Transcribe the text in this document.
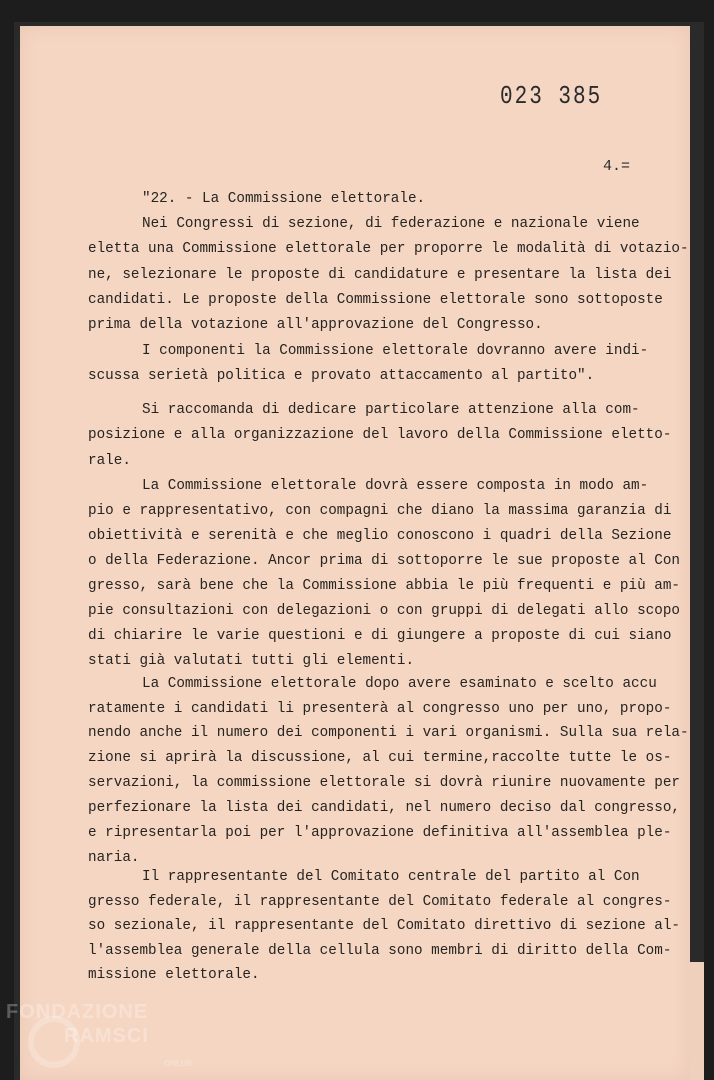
023 385
4.=
"22. - La Commissione elettorale.
Nei Congressi di sezione, di federazione e nazionale viene
eletta una Commissione elettorale per proporre le modalità di votazio-
ne, selezionare le proposte di candidature e presentare la lista dei
candidati. Le proposte della Commissione elettorale sono sottoposte
prima della votazione all'approvazione del Congresso.
I componenti la Commissione elettorale dovranno avere indi-
scussa serietà politica e provato attaccamento al partito".
Si raccomanda di dedicare particolare attenzione alla com-
posizione e alla organizzazione del lavoro della Commissione eletto-
rale.
La Commissione elettorale dovrà essere composta in modo am-
pio e rappresentativo, con compagni che diano la massima garanzia di
obiettività e serenità e che meglio conoscono i quadri della Sezione
o della Federazione. Ancor prima di sottoporre le sue proposte al Con
gresso, sarà bene che la Commissione abbia le più frequenti e più am-
pie consultazioni con delegazioni o con gruppi di delegati allo scopo
di chiarire le varie questioni e di giungere a proposte di cui siano
stati già valutati tutti gli elementi.
La Commissione elettorale dopo avere esaminato e scelto accu
ratamente i candidati li presenterà al congresso uno per uno, propo-
nendo anche il numero dei componenti i vari organismi. Sulla sua rela-
zione si aprirà la discussione, al cui termine,raccolte tutte le os-
servazioni, la commissione elettorale si dovrà riunire nuovamente per
perfezionare la lista dei candidati, nel numero deciso dal congresso,
e ripresentarla poi per l'approvazione definitiva all'assemblea ple-
naria.
Il rappresentante del Comitato centrale del partito al Con
gresso federale, il rappresentante del Comitato federale al congres-
so sezionale, il rappresentante del Comitato direttivo di sezione al-
l'assemblea generale della cellula sono membri di diritto della Com-
missione elettorale.
FONDAZIONE
RAMSCI
ONLUS
